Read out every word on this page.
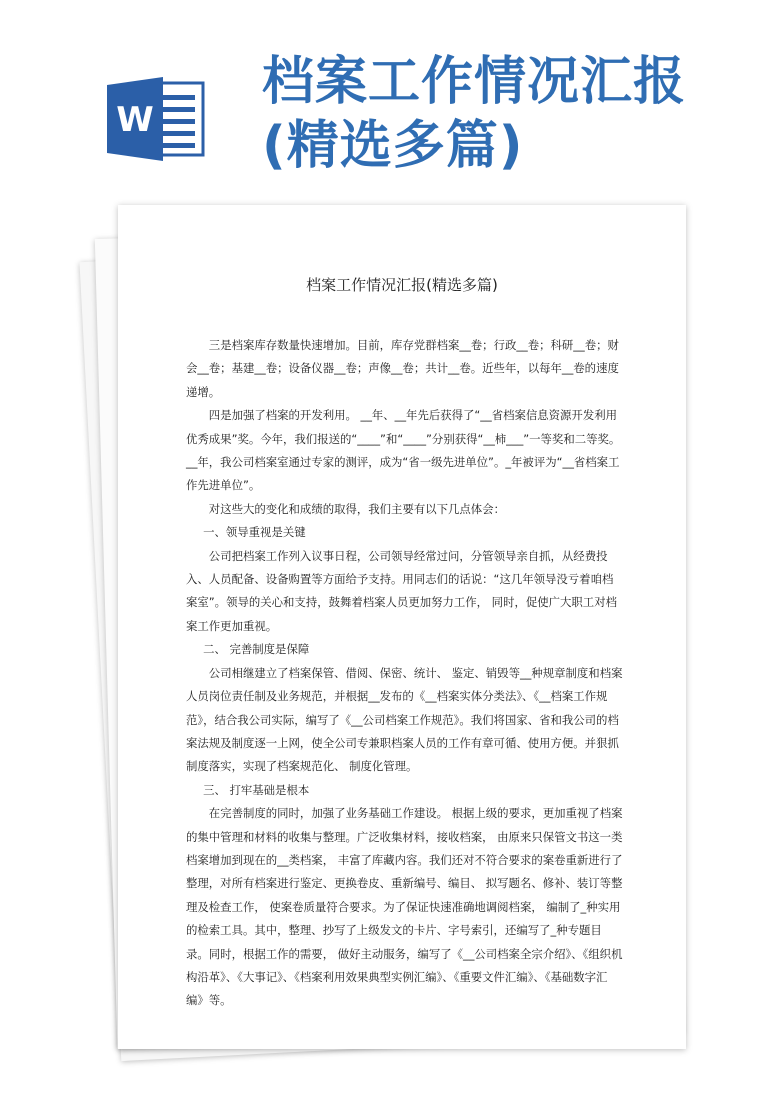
W
档案工作情况汇报
(精选多篇)
档案工作情况汇报(精选多篇)

三是档案库存数量快速增加。目前，库存党群档案__卷；行政__卷；科研__卷；财会__卷；基建__卷；设备仪器__卷；声像__卷；共计__卷。近些年，以每年__卷的速度递增。

四是加强了档案的开发利用。 __年、__年先后获得了“__省档案信息资源开发利用优秀成果”奖。今年，我们报送的“____”和“____”分别获得“__柿___”一等奖和二等奖。 __年，我公司档案室通过专家的测评，成为“省一级先进单位”。_年被评为“__省档案工作先进单位”。

对这些大的变化和成绩的取得，我们主要有以下几点体会：

一、领导重视是关键

公司把档案工作列入议事日程，公司领导经常过问，分管领导亲自抓，从经费投入、人员配备、设备购置等方面给予支持。用同志们的话说：“这几年领导没亏着咱档案室”。领导的关心和支持，鼓舞着档案人员更加努力工作， 同时，促使广大职工对档案工作更加重视。

二、 完善制度是保障

公司相继建立了档案保管、借阅、保密、统计、 鉴定、销毁等__种规章制度和档案人员岗位责任制及业务规范，并根据__发布的《__档案实体分类法》、《__档案工作规范》，结合我公司实际，编写了《__公司档案工作规范》。我们将国家、省和我公司的档案法规及制度逐一上网，使全公司专兼职档案人员的工作有章可循、使用方便。并狠抓制度落实，实现了档案规范化、 制度化管理。

三、 打牢基础是根本

在完善制度的同时，加强了业务基础工作建设。 根据上级的要求，更加重视了档案的集中管理和材料的收集与整理。广泛收集材料，接收档案， 由原来只保管文书这一类档案增加到现在的__类档案， 丰富了库藏内容。我们还对不符合要求的案卷重新进行了整理，对所有档案进行鉴定、更换卷皮、重新编号、编目、 拟写题名、修补、装订等整理及检查工作， 使案卷质量符合要求。为了保证快速准确地调阅档案， 编制了_种实用的检索工具。其中，整理、抄写了上级发文的卡片、字号索引，还编写了_种专题目录。同时，根据工作的需要， 做好主动服务，编写了《__公司档案全宗介绍》、《组织机构沿革》、《大事记》、《档案利用效果典型实例汇编》、《重要文件汇编》、《基础数字汇编》等。
